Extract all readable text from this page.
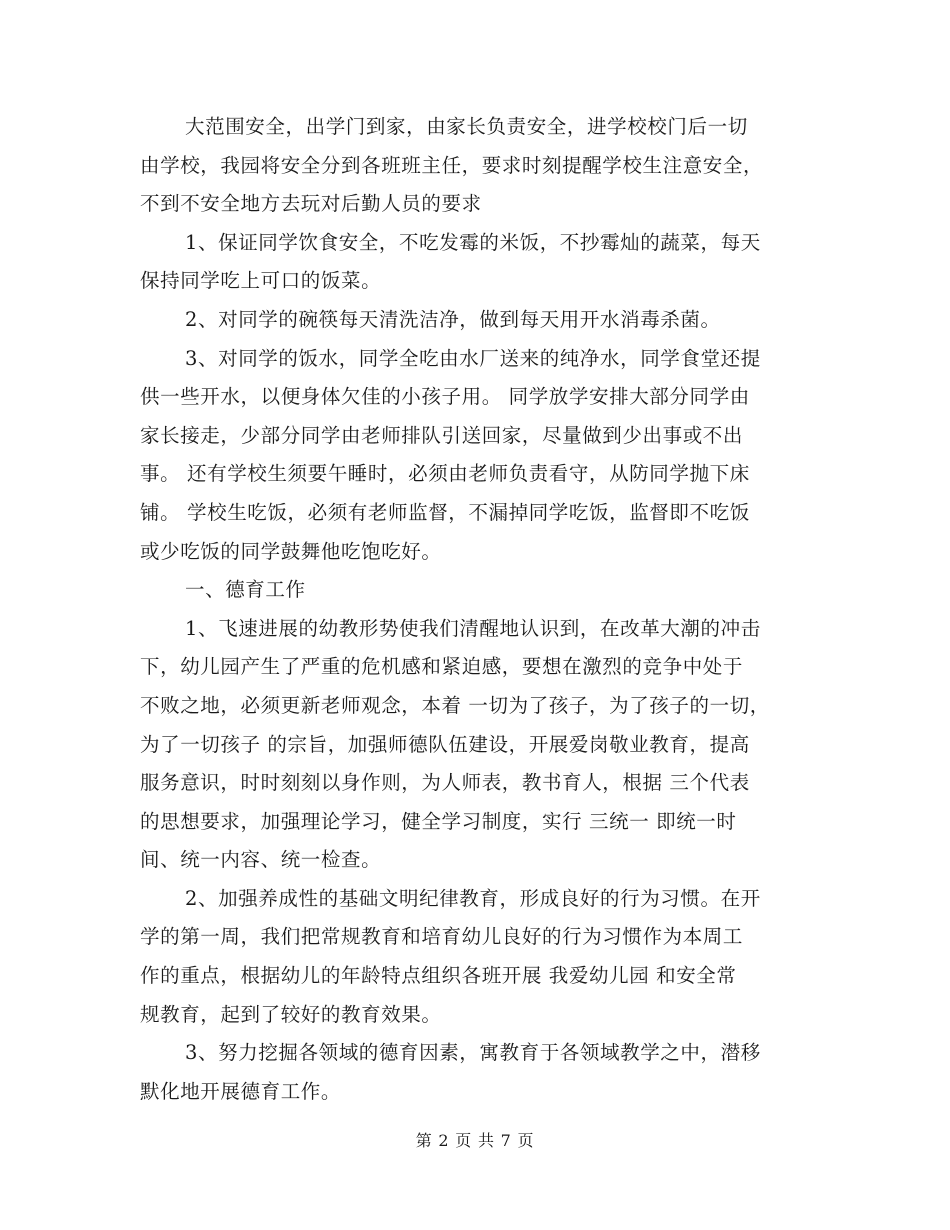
大范围安全，出学门到家，由家长负责安全，进学校校门后一切
由学校，我园将安全分到各班班主任，要求时刻提醒学校生注意安全，
不到不安全地方去玩对后勤人员的要求
1、保证同学饮食安全，不吃发霉的米饭，不抄霉灿的蔬菜，每天
保持同学吃上可口的饭菜。
2、对同学的碗筷每天清洗洁净，做到每天用开水消毒杀菌。
3、对同学的饭水，同学全吃由水厂送来的纯净水，同学食堂还提
供一些开水，以便身体欠佳的小孩子用。 同学放学安排大部分同学由
家长接走，少部分同学由老师排队引送回家，尽量做到少出事或不出
事。 还有学校生须要午睡时，必须由老师负责看守，从防同学抛下床
铺。 学校生吃饭，必须有老师监督，不漏掉同学吃饭，监督即不吃饭
或少吃饭的同学鼓舞他吃饱吃好。
一、德育工作
1、飞速进展的幼教形势使我们清醒地认识到，在改革大潮的冲击
下，幼儿园产生了严重的危机感和紧迫感，要想在激烈的竞争中处于
不败之地，必须更新老师观念，本着 一切为了孩子，为了孩子的一切，
为了一切孩子 的宗旨，加强师德队伍建设，开展爱岗敬业教育，提高
服务意识，时时刻刻以身作则，为人师表，教书育人，根据 三个代表
的思想要求，加强理论学习，健全学习制度，实行 三统一 即统一时
间、统一内容、统一检查。
2、加强养成性的基础文明纪律教育，形成良好的行为习惯。在开
学的第一周，我们把常规教育和培育幼儿良好的行为习惯作为本周工
作的重点，根据幼儿的年龄特点组织各班开展 我爱幼儿园 和安全常
规教育，起到了较好的教育效果。
3、努力挖掘各领域的德育因素，寓教育于各领域教学之中，潜移
默化地开展德育工作。
第 2 页 共 7 页
